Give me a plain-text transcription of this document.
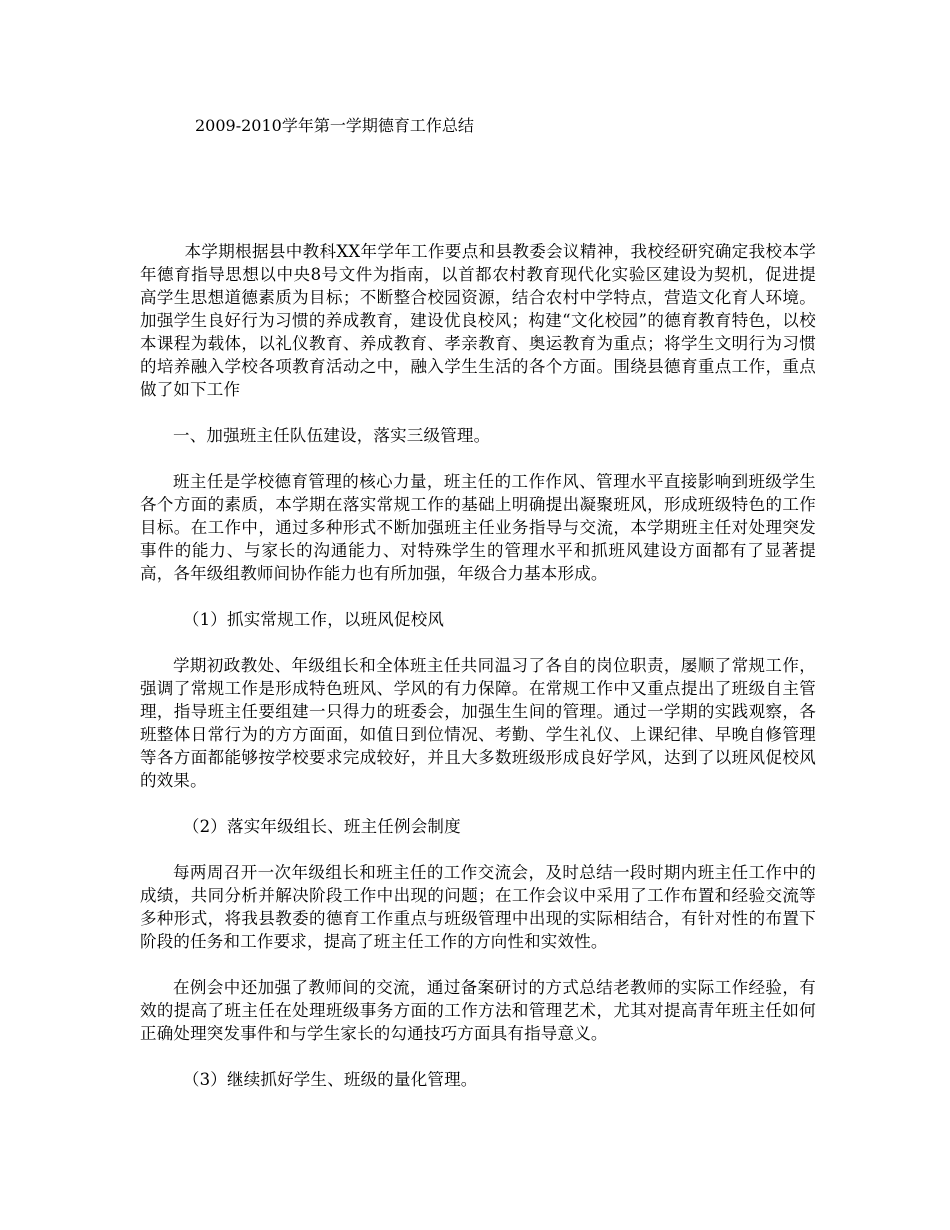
2009-2010学年第一学期德育工作总结

本学期根据县中教科XX年学年工作要点和县教委会议精神，我校经研究确定我校本学年德育指导思想以中央8号文件为指南，以首都农村教育现代化实验区建设为契机，促进提高学生思想道德素质为目标；不断整合校园资源，结合农村中学特点，营造文化育人环境。加强学生良好行为习惯的养成教育，建设优良校风；构建“文化校园”的德育教育特色，以校本课程为载体，以礼仪教育、养成教育、孝亲教育、奥运教育为重点；将学生文明行为习惯的培养融入学校各项教育活动之中，融入学生生活的各个方面。围绕县德育重点工作，重点做了如下工作

一、加强班主任队伍建设，落实三级管理。

班主任是学校德育管理的核心力量，班主任的工作作风、管理水平直接影响到班级学生各个方面的素质，本学期在落实常规工作的基础上明确提出凝聚班风，形成班级特色的工作目标。在工作中，通过多种形式不断加强班主任业务指导与交流，本学期班主任对处理突发事件的能力、与家长的沟通能力、对特殊学生的管理水平和抓班风建设方面都有了显著提高，各年级组教师间协作能力也有所加强，年级合力基本形成。

（1）抓实常规工作，以班风促校风

学期初政教处、年级组长和全体班主任共同温习了各自的岗位职责，屡顺了常规工作，强调了常规工作是形成特色班风、学风的有力保障。在常规工作中又重点提出了班级自主管理，指导班主任要组建一只得力的班委会，加强生生间的管理。通过一学期的实践观察，各班整体日常行为的方方面面，如值日到位情况、考勤、学生礼仪、上课纪律、早晚自修管理等各方面都能够按学校要求完成较好，并且大多数班级形成良好学风，达到了以班风促校风的效果。

（2）落实年级组长、班主任例会制度

每两周召开一次年级组长和班主任的工作交流会，及时总结一段时期内班主任工作中的成绩，共同分析并解决阶段工作中出现的问题；在工作会议中采用了工作布置和经验交流等多种形式，将我县教委的德育工作重点与班级管理中出现的实际相结合，有针对性的布置下阶段的任务和工作要求，提高了班主任工作的方向性和实效性。

在例会中还加强了教师间的交流，通过备案研讨的方式总结老教师的实际工作经验，有效的提高了班主任在处理班级事务方面的工作方法和管理艺术，尤其对提高青年班主任如何正确处理突发事件和与学生家长的勾通技巧方面具有指导意义。

（3）继续抓好学生、班级的量化管理。
